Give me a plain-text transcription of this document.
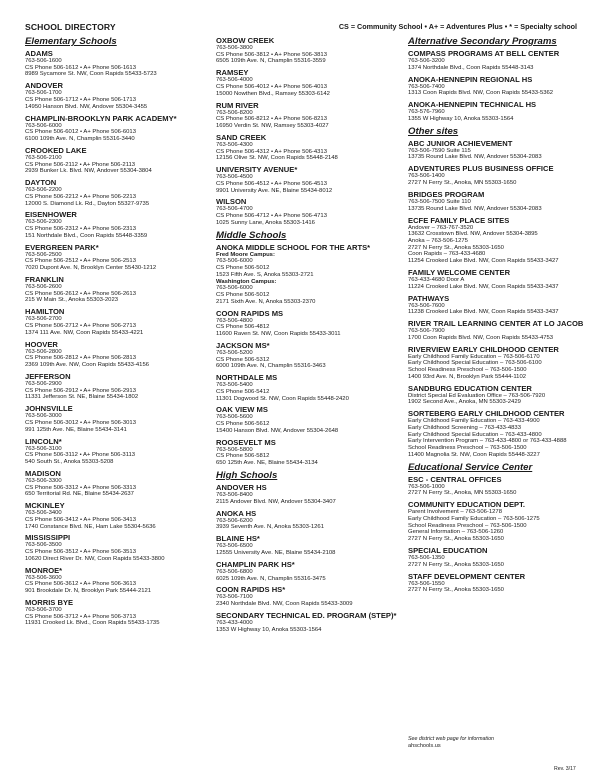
SCHOOL DIRECTORY	CS = Community School • A+ = Adventures Plus • * = Specialty school
Elementary Schools
ADAMS
763-506-1600
CS Phone 506-1612 • A+ Phone 506-1613
8989 Sycamore St. NW, Coon Rapids 55433-5723
ANDOVER
763-506-1700
CS Phone 506-1712 • A+ Phone 506-1713
14950 Hanson Blvd. NW, Andover 55304-3455
CHAMPLIN-BROOKLYN PARK ACADEMY*
763-506-6000
CS Phone 506-6012 • A+ Phone 506-6013
6100 109th Ave. N, Champlin 55316-3440
CROOKED LAKE
763-506-2100
CS Phone 506-2112 • A+ Phone 506-2113
2939 Bunker Lk. Blvd. NW, Andover 55304-3804
DAYTON
763-506-2200
CS Phone 506-2212 • A+ Phone 506-2213
12000 S. Diamond Lk. Rd., Dayton 55327-9735
EISENHOWER
763-506-2300
CS Phone 506-2312 • A+ Phone 506-2313
151 Northdale Blvd., Coon Rapids 55448-3359
EVERGREEN PARK*
763-506-2500
CS Phone 506-2512 • A+ Phone 506-2513
7020 Dupont Ave. N, Brooklyn Center 55430-1212
FRANKLIN
763-506-2600
CS Phone 506-2612 • A+ Phone 506-2613
215 W Main St., Anoka 55303-2023
HAMILTON
763-506-2700
CS Phone 506-2712 • A+ Phone 506-2713
1374 111 Ave. NW, Coon Rapids 55433-4221
HOOVER
763-506-2800
CS Phone 506-2812 • A+ Phone 506-2813
2369 109th Ave. NW, Coon Rapids 55433-4156
JEFFERSON
763-506-2900
CS Phone 506-2912 • A+ Phone 506-2913
11331 Jefferson St. NE, Blaine 55434-1802
JOHNSVILLE
763-506-3000
CS Phone 506-3012 • A+ Phone 506-3013
991 125th Ave. NE, Blaine 55434-3141
LINCOLN*
763-506-3100
CS Phone 506-3112 • A+ Phone 506-3113
540 South St., Anoka 55303-5208
MADISON
763-506-3300
CS Phone 506-3312 • A+ Phone 506-3313
650 Territorial Rd. NE, Blaine 55434-2637
MCKINLEY
763-506-3400
CS Phone 506-3412 • A+ Phone 506-3413
1740 Constance Blvd. NE, Ham Lake 55304-5636
MISSISSIPPI
763-506-3500
CS Phone 506-3512 • A+ Phone 506-3513
10620 Direct River Dr. NW, Coon Rapids 55433-3800
MONROE*
763-506-3600
CS Phone 506-3612 • A+ Phone 506-3613
901 Brookdale Dr. N, Brooklyn Park 55444-2121
MORRIS BYE
763-506-3700
CS Phone 506-3712 • A+ Phone 506-3713
11931 Crooked Lk. Blvd., Coon Rapids 55433-1735
OXBOW CREEK
763-506-3800
CS Phone 506-3812 • A+ Phone 506-3813
6505 109th Ave. N, Champlin 55316-3559
RAMSEY
763-506-4000
CS Phone 506-4012 • A+ Phone 506-4013
15000 Nowthen Blvd., Ramsey 55303-6142
RUM RIVER
763-506-8200
CS Phone 506-8212 • A+ Phone 506-8213
16950 Verdin St. NW, Ramsey 55303-4027
SAND CREEK
763-506-4300
CS Phone 506-4312 • A+ Phone 506-4313
12156 Olive St. NW, Coon Rapids 55448-2148
UNIVERSITY AVENUE*
763-506-4500
CS Phone 506-4512 • A+ Phone 506-4513
9901 University Ave. NE, Blaine 55434-8012
WILSON
763-506-4700
CS Phone 506-4712 • A+ Phone 506-4713
1025 Sunny Lane, Anoka 55303-1416
Middle Schools
ANOKA MIDDLE SCHOOL FOR THE ARTS*
Fred Moore Campus:
763-506-6000
CS Phone 506-5012
1523 Fifth Ave. S, Anoka 55303-2721
Washington Campus:
763-506-6000
CS Phone 506-5012
2171 Sixth Ave. N, Anoka 55303-2370
COON RAPIDS MS
763-506-4800
CS Phone 506-4812
11600 Raven St. NW, Coon Rapids 55433-3011
JACKSON MS*
763-506-5200
CS Phone 506-5312
6000 109th Ave. N, Champlin 55316-3463
NORTHDALE MS
763-506-5400
CS Phone 506-5412
11301 Dogwood St. NW, Coon Rapids 55448-2420
OAK VIEW MS
763-506-5600
CS Phone 506-5612
15400 Hanson Blvd. NW, Andover 55304-2648
ROOSEVELT MS
763-506-5800
CS Phone 506-5812
650 125th Ave. NE, Blaine 55434-3134
High Schools
ANDOVER HS
763-506-8400
2115 Andover Blvd. NW, Andover 55304-3407
ANOKA HS
763-506-6200
3939 Seventh Ave. N, Anoka 55303-1261
BLAINE HS*
763-506-6500
12555 University Ave. NE, Blaine 55434-2108
CHAMPLIN PARK HS*
763-506-6800
6025 109th Ave. N, Champlin 55316-3475
COON RAPIDS HS*
763-506-7100
2340 Northdale Blvd. NW, Coon Rapids 55433-3009
SECONDARY TECHNICAL ED. PROGRAM (STEP)*
763-433-4000
1353 W Highway 10, Anoka 55303-1564
Alternative Secondary Programs
COMPASS PROGRAMS AT BELL CENTER
763-506-3200
1374 Northdale Blvd., Coon Rapids 55448-3143
ANOKA-HENNEPIN REGIONAL HS
763-506-7400
1313 Coon Rapids Blvd. NW, Coon Rapids 55433-5362
ANOKA-HENNEPIN TECHNICAL HS
763-576-7960
1355 W Highway 10, Anoka 55303-1564
Other sites
ABC JUNIOR ACHIEVEMENT
763-506-7590 Suite 115
13735 Round Lake Blvd. NW, Andover 55304-2083
ADVENTURES PLUS BUSINESS OFFICE
763-506-1400
2727 N Ferry St., Anoka, MN 55303-1650
BRIDGES PROGRAM
763-506-7500 Suite 110
13735 Round Lake Blvd. NW, Andover 55304-2083
ECFE FAMILY PLACE SITES
Andover – 763-767-3520
13632 Crosstown Blvd. NW, Andover 55304-3895
Anoka – 763-506-1275
2727 N Ferry St., Anoka 55303-1650
Coon Rapids – 763-433-4680
11254 Crooked Lake Blvd. NW, Coon Rapids 55433-3427
FAMILY WELCOME CENTER
763-433-4680 Door A
11224 Crooked Lake Blvd. NW, Coon Rapids 55433-3437
PATHWAYS
763-506-7600
11238 Crooked Lake Blvd. NW, Coon Rapids 55433-3437
RIVER TRAIL LEARNING CENTER AT LO JACOB
763-506-7900
1700 Coon Rapids Blvd. NW, Coon Rapids 55433-4753
RIVERVIEW EARLY CHILDHOOD CENTER
Early Childhood Family Education – 763-506-6170
Early Childhood Special Education – 763-506-6100
School Readiness Preschool – 763-506-1500
1400 93rd Ave. N, Brooklyn Park 55444-1102
SANDBURG EDUCATION CENTER
District Special Ed Evaluation Office – 763-506-7920
1902 Second Ave., Anoka, MN 55303-2429
SORTEBERG EARLY CHILDHOOD CENTER
Early Childhood Family Education – 763-433-4900
Early Childhood Screening – 763-433-4833
Early Childhood Special Education – 763-433-4800
Early Intervention Program – 763-433-4800 or 763-433-4888
School Readiness Preschool – 763-506-1500
11400 Magnolia St. NW, Coon Rapids 55448-3227
Educational Service Center
ESC - CENTRAL OFFICES
763-506-1000
2727 N Ferry St., Anoka, MN 55303-1650
COMMUNITY EDUCATION DEPT.
Parent Involvement – 763-506-1278
Early Childhood Family Education – 763-506-1275
School Readiness Preschool – 763-506-1500
General Information – 763-506-1260
2727 N Ferry St., Anoka 55303-1650
SPECIAL EDUCATION
763-506-1350
2727 N Ferry St., Anoka 55303-1650
STAFF DEVELOPMENT CENTER
763-506-1550
2727 N Ferry St., Anoka 55303-1650
See district web page for information
ahschools.us
Rev. 3/17
